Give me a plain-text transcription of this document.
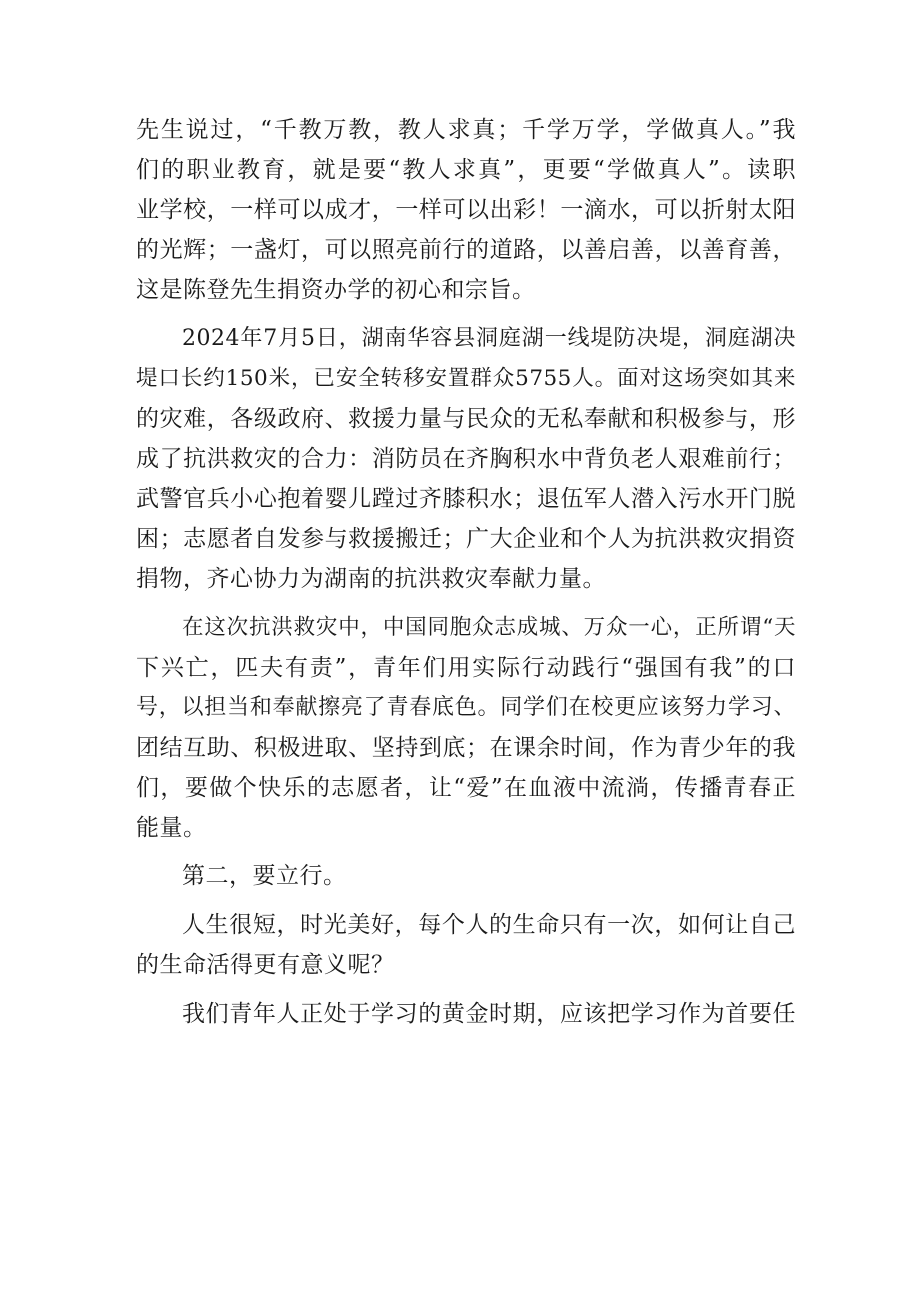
先生说过，“千教万教，教人求真；千学万学，学做真人。”我
们的职业教育，就是要“教人求真”，更要“学做真人”。读职
业学校，一样可以成才，一样可以出彩！一滴水，可以折射太阳
的光辉；一盏灯，可以照亮前行的道路，以善启善，以善育善，
这是陈登先生捐资办学的初心和宗旨。
2024年7月5日，湖南华容县洞庭湖一线堤防决堤，洞庭湖决
堤口长约150米，已安全转移安置群众5755人。面对这场突如其来
的灾难，各级政府、救援力量与民众的无私奉献和积极参与，形
成了抗洪救灾的合力：消防员在齐胸积水中背负老人艰难前行；
武警官兵小心抱着婴儿蹚过齐膝积水；退伍军人潜入污水开门脱
困；志愿者自发参与救援搬迁；广大企业和个人为抗洪救灾捐资
捐物，齐心协力为湖南的抗洪救灾奉献力量。
在这次抗洪救灾中，中国同胞众志成城、万众一心，正所谓“天
下兴亡，匹夫有责”，青年们用实际行动践行“强国有我”的口
号，以担当和奉献擦亮了青春底色。同学们在校更应该努力学习、
团结互助、积极进取、坚持到底；在课余时间，作为青少年的我
们，要做个快乐的志愿者，让“爱”在血液中流淌，传播青春正
能量。
第二，要立行。
人生很短，时光美好，每个人的生命只有一次，如何让自己
的生命活得更有意义呢？
我们青年人正处于学习的黄金时期，应该把学习作为首要任
